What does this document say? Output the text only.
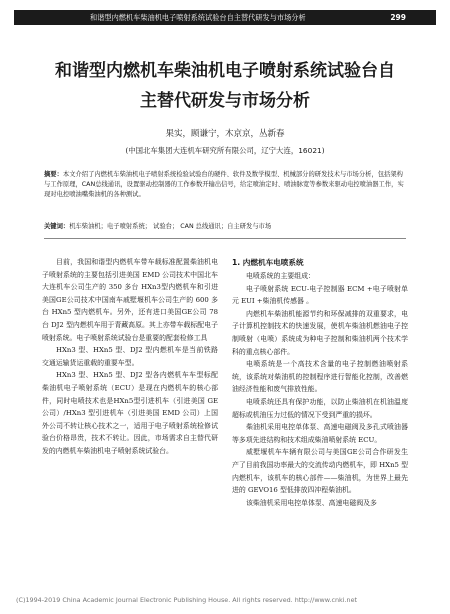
和谐型内燃机车柴油机电子喷射系统试验台自主替代研发与市场分析	299
和谐型内燃机车柴油机电子喷射系统试验台自
主替代研发与市场分析
果实，顾谦宁，木京京，丛新春
(中国北车集团大连机车研究所有限公司，辽宁大连，16021)
摘要：本文介绍了内燃机车柴油机电子喷射系统检验试验台的硬件、软件及数学模型、机械部分的研发技术与市场分析，包括架构与工作原理，CAN总线通讯，设置驱动控制器的工作参数开输出信号，给定喷油定时、喷油脉宽等参数来驱动电控喷油器工作，实现对电控喷油嘴柴油机的各种测试。
关键词：机车柴油机；电子喷射系统； 试验台； CAN 总线通讯；自主研发与市场

目前，我国和谐型内燃机车带车载标准配置柴油机电子喷射系统的主要包括引进美国 EMD 公司技术中国北车大连机车公司生产的 350 多台 HXn3型内燃机车和引进美国GE公司技术中国南车戚墅堰机车公司生产的 600 多台 HXn5 型内燃机车。另外，还有进口美国GE公司 78 台 DJ2 型内燃机车用于青藏高原。其上亦带车载标配电子喷射系统。电子喷射系统试验台是重要的配套检修工具

HXn3 型、HXn5 型、DJ2 型内燃机车是当前铁路交通运输货运重载的重要车型。

HXn3 型、HXn5 型、DJ2 型各内燃机车车型标配柴油机电子喷射系统（ECU）是现在内燃机车的核心部件，同时电喷技术也是HXn5型引进机车（引进美国 GE 公司）/HXn3 型引进机车（引进美国 EMD 公司）上国外公司不转让核心技术之一，适用于电子喷射系统检修试验台价格昂贵，技术不转让。因此，市场需求自主替代研发的内燃机车柴油机电子喷射系统试验台。

1. 内燃机车电喷系统

电喷系统的主要组成：

电子喷射系统 ECU-电子控制器 ECM +电子喷射单元 EUI +柴油机传感器 。

内燃机车柴油机能源节约和环保减排的双重要求，电子计算机控制技术的快速发展，使机车柴油机燃油电子控制喷射（电喷）系统成为种电子控制和柴油机两个技术学科的重点核心部件。

电喷系统是一个高技术含量的电子控制燃油喷射系统，该系统对柴油机的控制程序进行智能化控制，改善燃油经济性能和废气排放性能。

电喷系统还具有保护功能，以防止柴油机在机油温度超标或机油压力过低的情况下受到严重的损坏。

柴油机采用电控单体泵、高速电磁阀及多孔式喷油器等多项先进结构和技术组成柴油喷射系统 ECU。

威墅堰机车车辆有限公司与美国GE公司合作研发生产了目前我国功率最大的交流传动内燃机车，即 HXn5 型内燃机车，该机车的核心部件——柴油机，为世界上最先进的 GEVO16 型低排放四冲程柴油机。

该柴油机采用电控单体泵、高速电磁阀及多

(C)1994-2019 China Academic Journal Electronic Publishing House. All rights reserved. http://www.cnki.net
